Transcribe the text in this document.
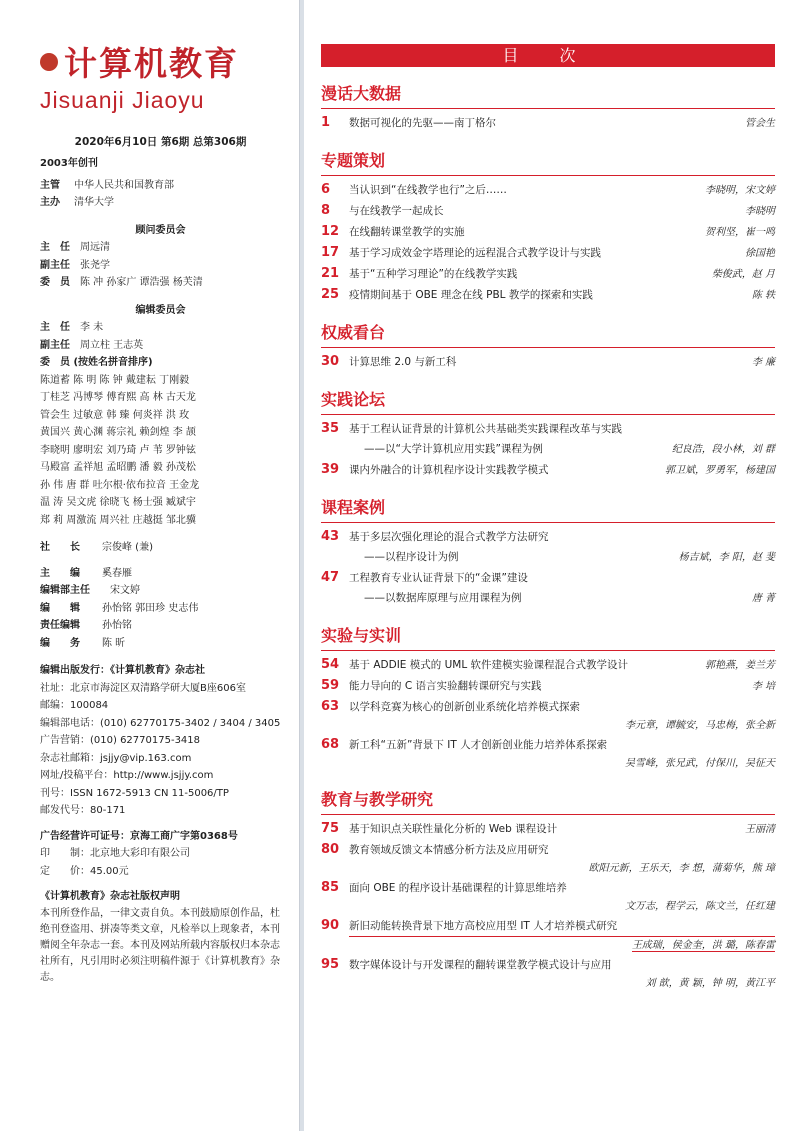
计算机教育
Jisuanji Jiaoyu
2020年6月10日 第6期 总第306期
2003年创刊
主管 中华人民共和国教育部
主办 清华大学
顾问委员会
主　任 周远清
副主任 张尧学
委　员 陈 冲 孙家广 谭浩强 杨芙清
编辑委员会
主　任 李 未
副主任 周立柱 王志英
委　员 (按姓名拼音排序)
陈道蓄 陈 明 陈 钟 戴建耘 丁刚毅
丁桂芝 冯博琴 傅育熙 高 林 古天龙
管会生 过敏意 韩 臻 何炎祥 洪 玫
黄国兴 黄心渊 蒋宗礼 赖剑煌 李 颉
李晓明 廖明宏 刘乃琦 卢 苇 罗钟铉
马殿富 孟祥旭 孟昭鹏 潘 毅 孙茂松
孙 伟 唐 群 吐尔根·依布拉音 王金龙
温 涛 吴文虎 徐晓飞 杨士强 臧斌宇
郑 莉 周激流 周兴社 庄越挺 邹北骥
社　　长 宗俊峰 (兼)
主　　编 奚春雁
编辑部主任 宋文婷
编　　辑 孙怡铭 郭田珍 史志伟
责任编辑 孙怡铭
编　　务 陈 昕
编辑出版发行：《计算机教育》杂志社
社址：北京市海淀区双清路学研大厦B座606室
邮编：100084
编辑部电话：(010) 62770175-3402 / 3404 / 3405
广告营销：(010) 62770175-3418
杂志社邮箱：jsjjy@vip.163.com
网址/投稿平台：http://www.jsjjy.com
刊号：ISSN 1672-5913 CN 11-5006/TP
邮发代号：80-171
广告经营许可证号：京海工商广字第0368号
印　　制：北京地大彩印有限公司
定　　价：45.00元
《计算机教育》杂志社版权声明
本刊所登作品，一律文责自负。本刊鼓励原创作品，杜绝刊登盗用、拼凑等类文章，凡检举以上现象者，本刊赠阅全年杂志一套。本刊及网站所载内容版权归本杂志社所有，凡引用时必须注明稿件源于《计算机教育》杂志。
目 次
漫话大数据
1	数据可视化的先驱——南丁格尔	管会生
专题策划
6	当认识到“在线教学也行”之后……	李晓明，宋文婷
8	与在线教学一起成长	李晓明
12 在线翻转课堂教学的实施	贺利坚，崔一鸣
17 基于学习成效金字塔理论的远程混合式教学设计与实践	徐国艳
21 基于“五种学习理论”的在线教学实践	柴俊武，赵 月
25 疫情期间基于 OBE 理念在线 PBL 教学的探索和实践	陈 轶
权威看台
30 计算思维 2.0 与新工科	李 廉
实践论坛
35 基于工程认证背景的计算机公共基础类实践课程改革与实践
——以“大学计算机应用实践”课程为例	纪良浩，段小林，刘 群
39 课内外融合的计算机程序设计实践教学模式	郭卫斌，罗勇军，杨建国
课程案例
43 基于多层次强化理论的混合式教学方法研究
——以程序设计为例	杨吉斌，李 阳，赵 斐
47 工程教育专业认证背景下的“金课”建设
——以数据库原理与应用课程为例	唐 菁
实验与实训
54 基于 ADDIE 模式的 UML 软件建模实验课程混合式教学设计	郭艳燕，姜兰芳
59 能力导向的 C 语言实验翻转课研究与实践	李 培
63 以学科竞赛为核心的创新创业系统化培养模式探索
李元章，谭毓安，马忠梅，张全新
68 新工科“五新”背景下 IT 人才创新创业能力培养体系探索
吴雪峰，张兄武，付保川，吴征天
教育与教学研究
75 基于知识点关联性量化分析的 Web 课程设计	王丽清
80 教育领域反馈文本情感分析方法及应用研究
欧阳元新，王乐天，李 想，蒲菊华，熊 璋
85 面向 OBE 的程序设计基础课程的计算思维培养
文万志，程学云，陈文兰，任红建
90 新旧动能转换背景下地方高校应用型 IT 人才培养模式研究
王成瑞，侯金奎，洪 璐，陈春雷
95 数字媒体设计与开发课程的翻转课堂教学模式设计与应用
刘 歆，黄 颖，钟 明，黄江平
